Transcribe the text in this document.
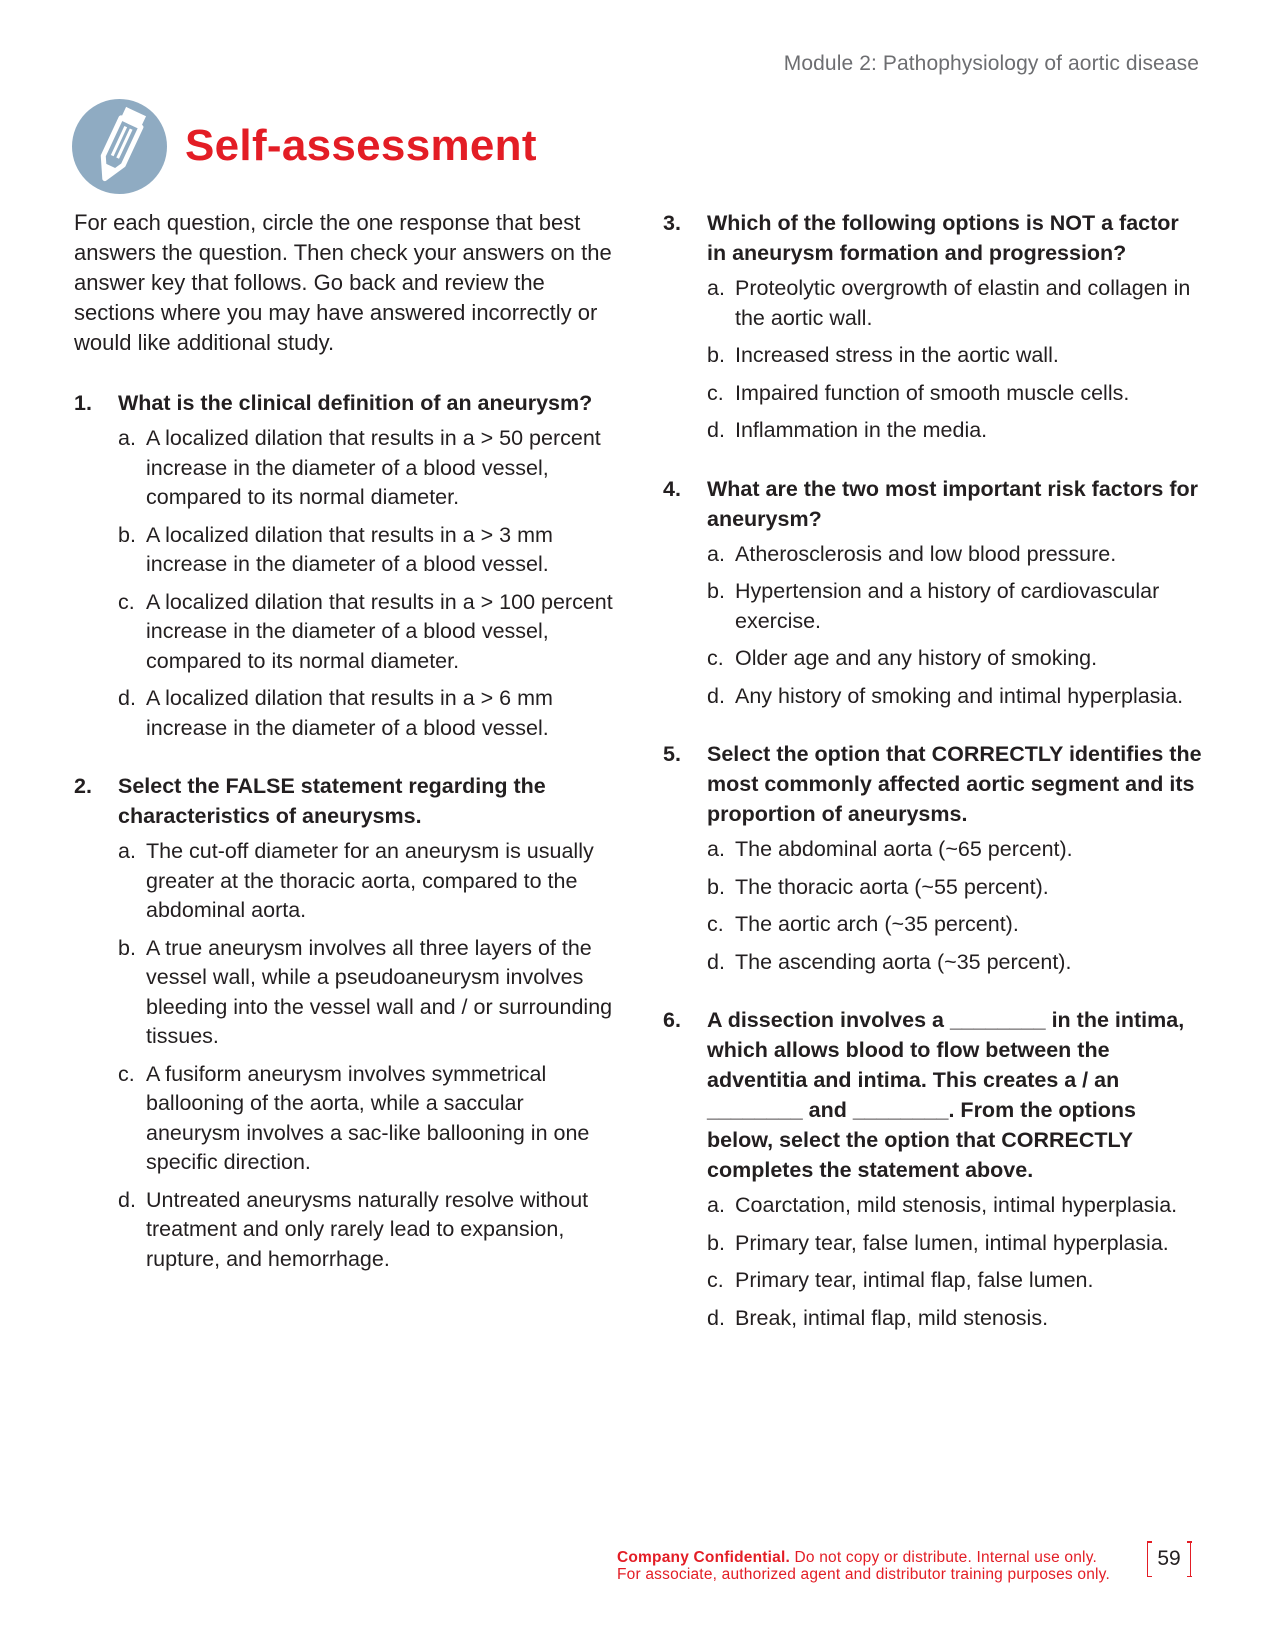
Module 2: Pathophysiology of aortic disease
Self-assessment

For each question, circle the one response that best answers the question. Then check your answers on the answer key that follows. Go back and review the sections where you may have answered incorrectly or would like additional study.

1.	What is the clinical definition of an aneurysm?
a. A localized dilation that results in a > 50 percent increase in the diameter of a blood vessel, compared to its normal diameter.
b. A localized dilation that results in a > 3 mm increase in the diameter of a blood vessel.
c. A localized dilation that results in a > 100 percent increase in the diameter of a blood vessel, compared to its normal diameter.
d. A localized dilation that results in a > 6 mm increase in the diameter of a blood vessel.
2.	Select the FALSE statement regarding the characteristics of aneurysms.
a. The cut-off diameter for an aneurysm is usually greater at the thoracic aorta, compared to the abdominal aorta.
b. A true aneurysm involves all three layers of the vessel wall, while a pseudoaneurysm involves bleeding into the vessel wall and / or surrounding tissues.
c. A fusiform aneurysm involves symmetrical ballooning of the aorta, while a saccular aneurysm involves a sac-like ballooning in one specific direction.
d. Untreated aneurysms naturally resolve without treatment and only rarely lead to expansion, rupture, and hemorrhage.
3.	Which of the following options is NOT a factor in aneurysm formation and progression?
a. Proteolytic overgrowth of elastin and collagen in the aortic wall.
b. Increased stress in the aortic wall.
c. Impaired function of smooth muscle cells.
d. Inflammation in the media.
4.	What are the two most important risk factors for aneurysm?
a. Atherosclerosis and low blood pressure.
b. Hypertension and a history of cardiovascular exercise.
c. Older age and any history of smoking.
d. Any history of smoking and intimal hyperplasia.
5.	Select the option that CORRECTLY identifies the most commonly affected aortic segment and its proportion of aneurysms.
a. The abdominal aorta (~65 percent).
b. The thoracic aorta (~55 percent).
c. The aortic arch (~35 percent).
d. The ascending aorta (~35 percent).
6.	A dissection involves a ________ in the intima, which allows blood to flow between the adventitia and intima. This creates a / an ________ and ________. From the options below, select the option that CORRECTLY completes the statement above.
a. Coarctation, mild stenosis, intimal hyperplasia.
b. Primary tear, false lumen, intimal hyperplasia.
c. Primary tear, intimal flap, false lumen.
d. Break, intimal flap, mild stenosis.
Company Confidential. Do not copy or distribute. Internal use only.
For associate, authorized agent and distributor training purposes only.
59
